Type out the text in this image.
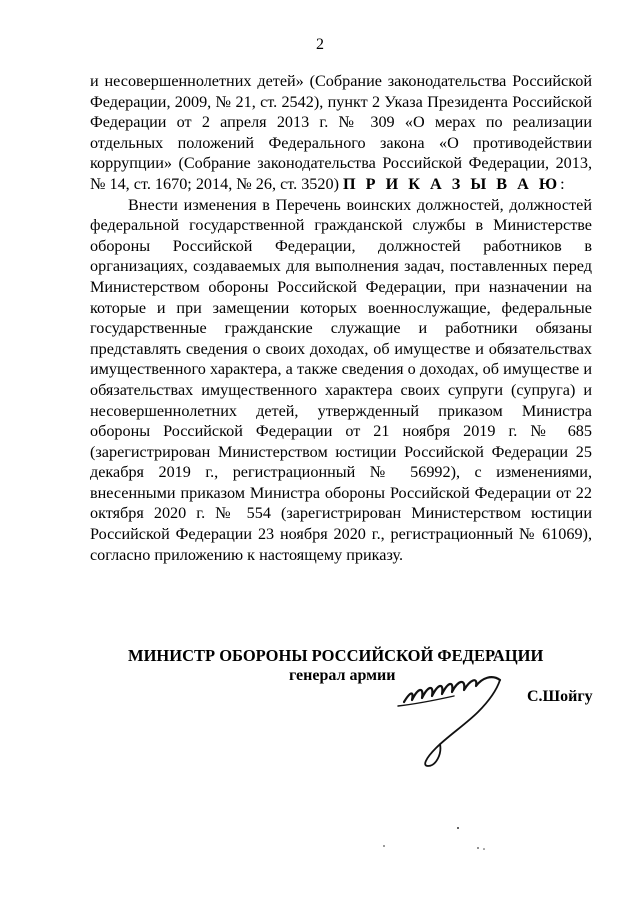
2

и несовершеннолетних детей» (Собрание законодательства Российской Федерации, 2009, № 21, ст. 2542), пункт 2 Указа Президента Российской Федерации от 2 апреля 2013 г. № 309 «О мерах по реализации отдельных положений Федерального закона «О противодействии коррупции» (Собрание законодательства Российской Федерации, 2013, № 14, ст. 1670; 2014, № 26, ст. 3520) П Р И К А З Ы В А Ю:

Внести изменения в Перечень воинских должностей, должностей федеральной государственной гражданской службы в Министерстве обороны Российской Федерации, должностей работников в организациях, создаваемых для выполнения задач, поставленных перед Министерством обороны Российской Федерации, при назначении на которые и при замещении которых военнослужащие, федеральные государственные гражданские служащие и работники обязаны представлять сведения о своих доходах, об имуществе и обязательствах имущественного характера, а также сведения о доходах, об имуществе и обязательствах имущественного характера своих супруги (супруга) и несовершеннолетних детей, утвержденный приказом Министра обороны Российской Федерации от 21 ноября 2019 г. № 685 (зарегистрирован Министерством юстиции Российской Федерации 25 декабря 2019 г., регистрационный № 56992), с изменениями, внесенными приказом Министра обороны Российской Федерации от 22 октября 2020 г. № 554 (зарегистрирован Министерством юстиции Российской Федерации 23 ноября 2020 г., регистрационный № 61069), согласно приложению к настоящему приказу.

МИНИСТР ОБОРОНЫ РОССИЙСКОЙ ФЕДЕРАЦИИ
генерал армии
С.Шойгу
